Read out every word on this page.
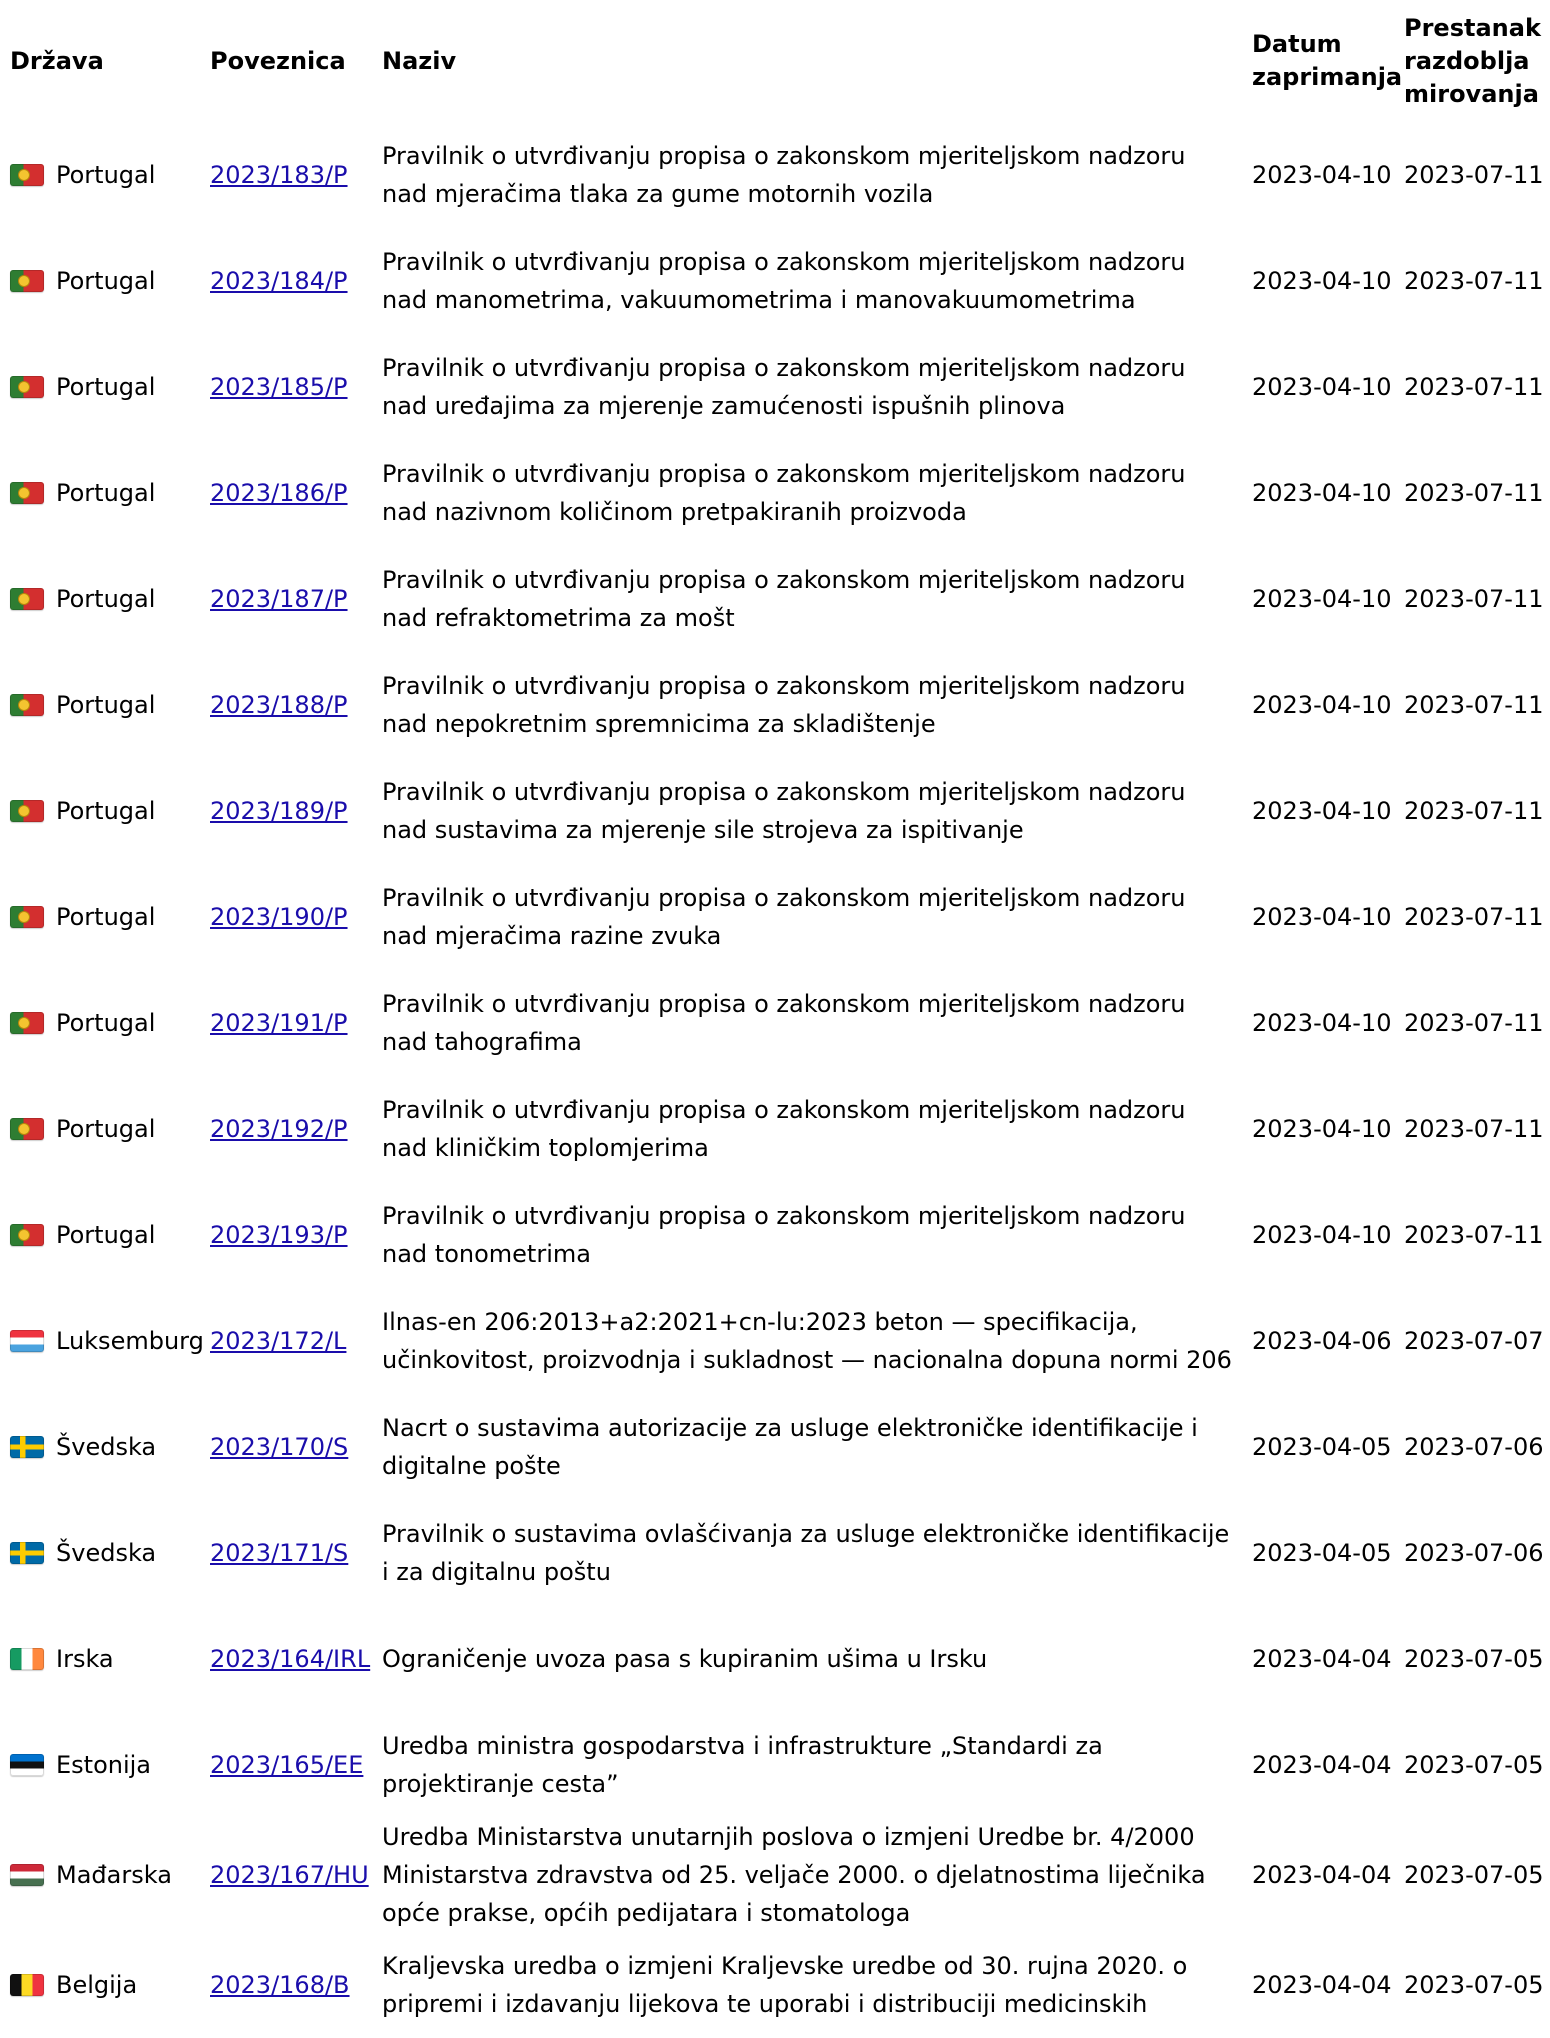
Država	Poveznica	Naziv	Datum zaprimanja	Prestanak razdoblja mirovanja

Portugal	2023/183/P	Pravilnik o utvrđivanju propisa o zakonskom mjeriteljskom nadzoru nad mjeračima tlaka za gume motornih vozila	2023-04-10	2023-07-11

Portugal	2023/184/P	Pravilnik o utvrđivanju propisa o zakonskom mjeriteljskom nadzoru nad manometrima, vakuumometrima i manovakuumometrima	2023-04-10	2023-07-11

Portugal	2023/185/P	Pravilnik o utvrđivanju propisa o zakonskom mjeriteljskom nadzoru nad uređajima za mjerenje zamućenosti ispušnih plinova	2023-04-10	2023-07-11

Portugal	2023/186/P	Pravilnik o utvrđivanju propisa o zakonskom mjeriteljskom nadzoru nad nazivnom količinom pretpakiranih proizvoda	2023-04-10	2023-07-11

Portugal	2023/187/P	Pravilnik o utvrđivanju propisa o zakonskom mjeriteljskom nadzoru nad refraktometrima za mošt	2023-04-10	2023-07-11

Portugal	2023/188/P	Pravilnik o utvrđivanju propisa o zakonskom mjeriteljskom nadzoru nad nepokretnim spremnicima za skladištenje	2023-04-10	2023-07-11

Portugal	2023/189/P	Pravilnik o utvrđivanju propisa o zakonskom mjeriteljskom nadzoru nad sustavima za mjerenje sile strojeva za ispitivanje	2023-04-10	2023-07-11

Portugal	2023/190/P	Pravilnik o utvrđivanju propisa o zakonskom mjeriteljskom nadzoru nad mjeračima razine zvuka	2023-04-10	2023-07-11

Portugal	2023/191/P	Pravilnik o utvrđivanju propisa o zakonskom mjeriteljskom nadzoru nad tahografima	2023-04-10	2023-07-11

Portugal	2023/192/P	Pravilnik o utvrđivanju propisa o zakonskom mjeriteljskom nadzoru nad kliničkim toplomjerima	2023-04-10	2023-07-11

Portugal	2023/193/P	Pravilnik o utvrđivanju propisa o zakonskom mjeriteljskom nadzoru nad tonometrima	2023-04-10	2023-07-11

Luksemburg	2023/172/L	Ilnas-en 206:2013+a2:2021+cn-lu:2023 beton — specifikacija, učinkovitost, proizvodnja i sukladnost — nacionalna dopuna normi 206	2023-04-06	2023-07-07

Švedska	2023/170/S	Nacrt o sustavima autorizacije za usluge elektroničke identifikacije i digitalne pošte	2023-04-05	2023-07-06

Švedska	2023/171/S	Pravilnik o sustavima ovlašćivanja za usluge elektroničke identifikacije i za digitalnu poštu	2023-04-05	2023-07-06

Irska	2023/164/IRL	Ograničenje uvoza pasa s kupiranim ušima u Irsku	2023-04-04	2023-07-05

Estonija	2023/165/EE	Uredba ministra gospodarstva i infrastrukture „Standardi za projektiranje cesta”	2023-04-04	2023-07-05

Mađarska	2023/167/HU	Uredba Ministarstva unutarnjih poslova o izmjeni Uredbe br. 4/2000 Ministarstva zdravstva od 25. veljače 2000. o djelatnostima liječnika opće prakse, općih pedijatara i stomatologa	2023-04-04	2023-07-05

Belgija	2023/168/B	Kraljevska uredba o izmjeni Kraljevske uredbe od 30. rujna 2020. o pripremi i izdavanju lijekova te uporabi i distribuciji medicinskih	2023-04-04	2023-07-05
